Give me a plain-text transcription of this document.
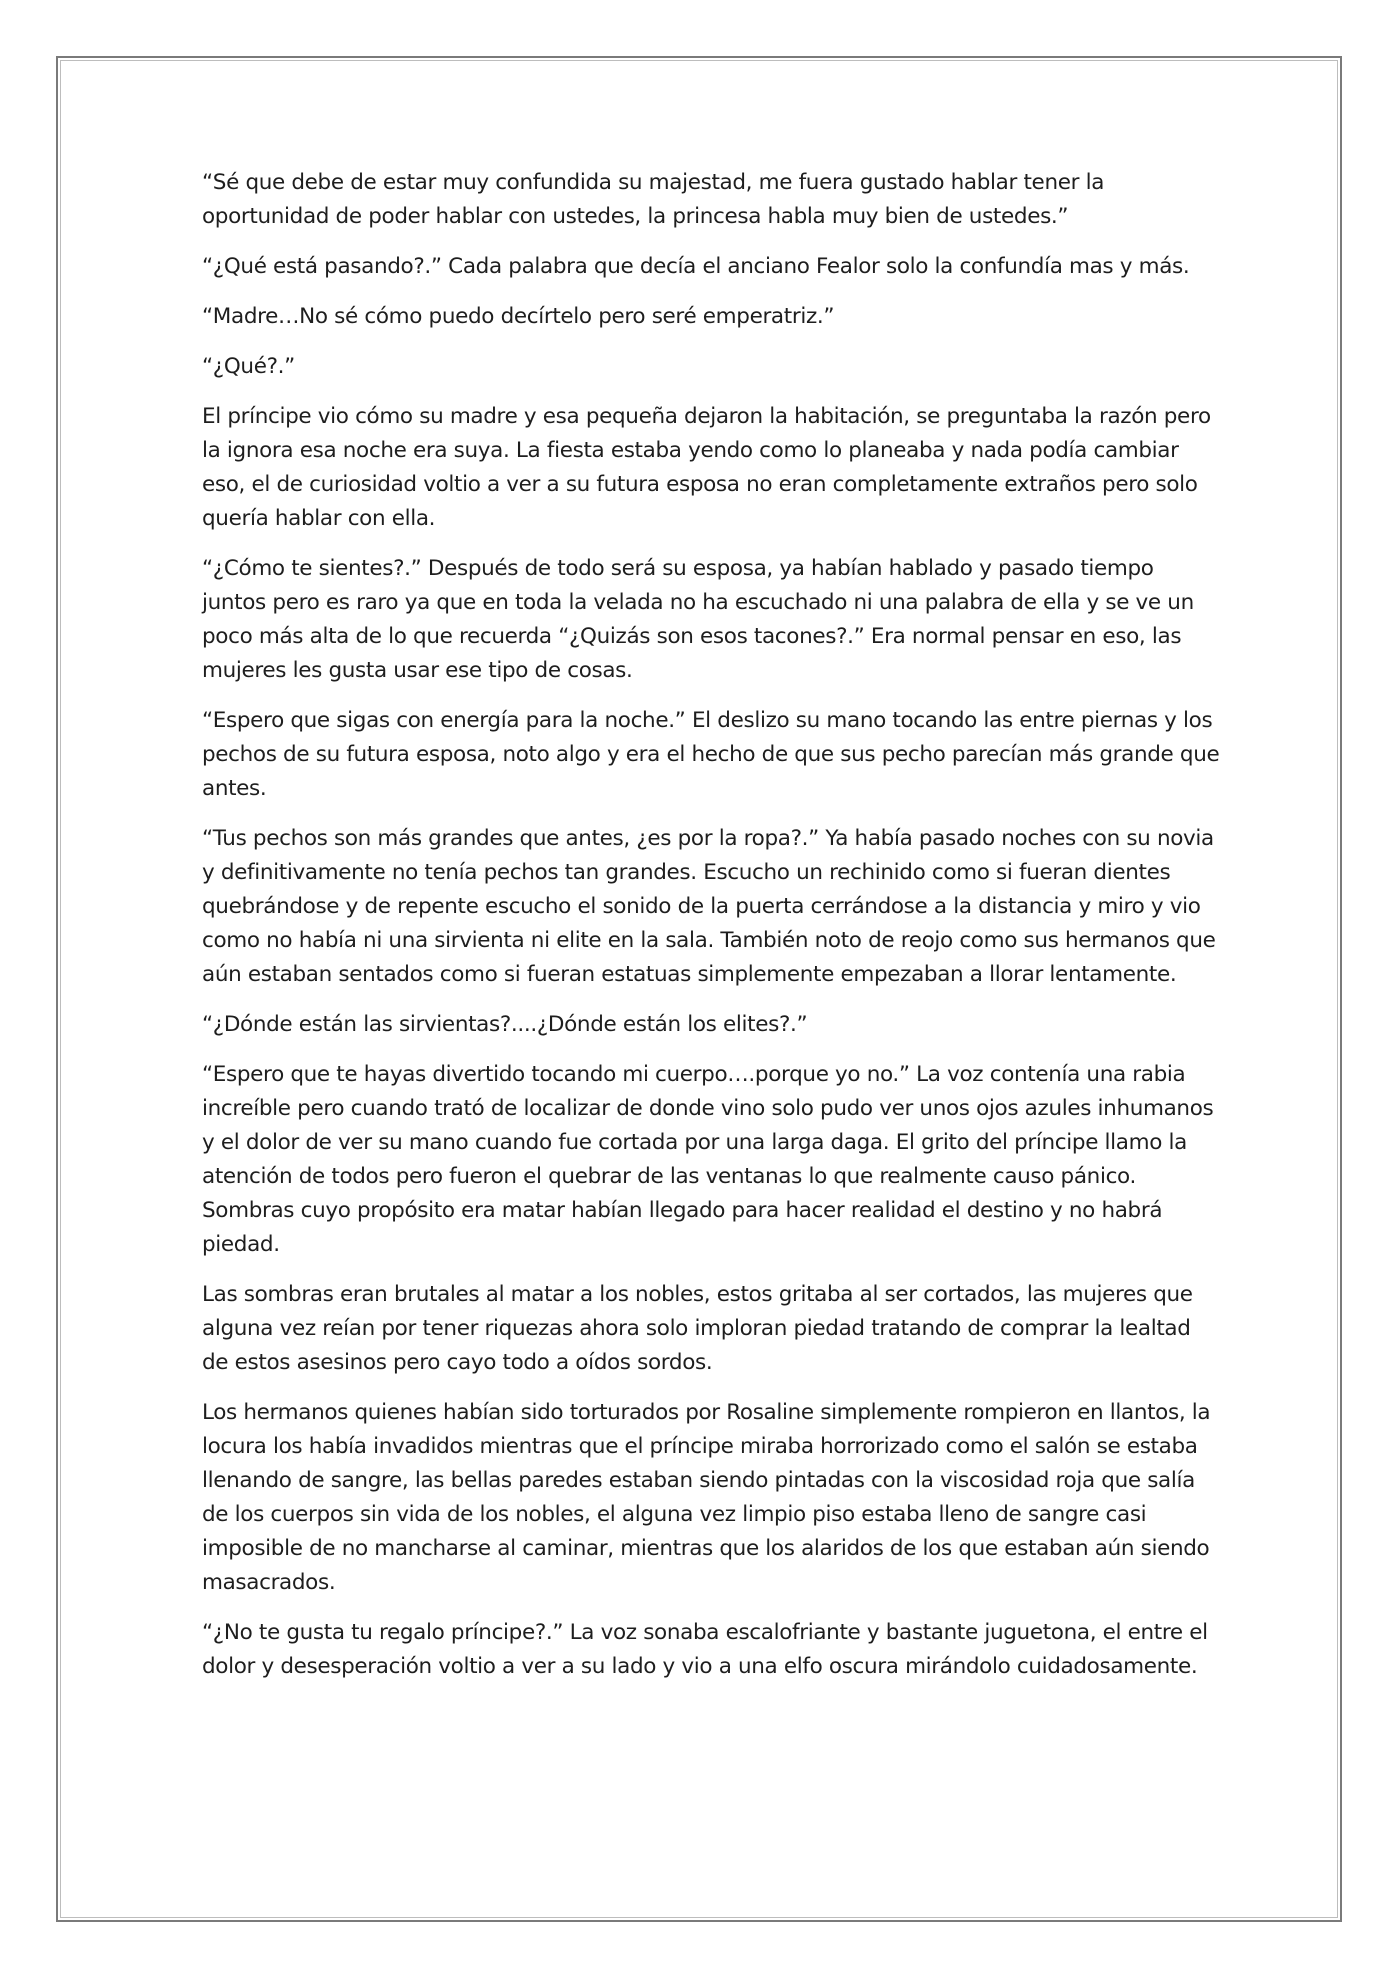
“Sé que debe de estar muy confundida su majestad, me fuera gustado hablar tener la oportunidad de poder hablar con ustedes, la princesa habla muy bien de ustedes.”

“¿Qué está pasando?.” Cada palabra que decía el anciano Fealor solo la confundía mas y más.

“Madre…No sé cómo puedo decírtelo pero seré emperatriz.”

“¿Qué?.”

El príncipe vio cómo su madre y esa pequeña dejaron la habitación, se preguntaba la razón pero la ignora esa noche era suya. La fiesta estaba yendo como lo planeaba y nada podía cambiar eso, el de curiosidad voltio a ver a su futura esposa no eran completamente extraños pero solo quería hablar con ella.

“¿Cómo te sientes?.” Después de todo será su esposa, ya habían hablado y pasado tiempo juntos pero es raro ya que en toda la velada no ha escuchado ni una palabra de ella y se ve un poco más alta de lo que recuerda “¿Quizás son esos tacones?.” Era normal pensar en eso, las mujeres les gusta usar ese tipo de cosas.

“Espero que sigas con energía para la noche.” El deslizo su mano tocando las entre piernas y los pechos de su futura esposa, noto algo y era el hecho de que sus pecho parecían más grande que antes.

“Tus pechos son más grandes que antes, ¿es por la ropa?.” Ya había pasado noches con su novia y definitivamente no tenía pechos tan grandes. Escucho un rechinido como si fueran dientes quebrándose y de repente escucho el sonido de la puerta cerrándose a la distancia y miro y vio como no había ni una sirvienta ni elite en la sala. También noto de reojo como sus hermanos que aún estaban sentados como si fueran estatuas simplemente empezaban a llorar lentamente.

“¿Dónde están las sirvientas?....¿Dónde están los elites?.”

“Espero que te hayas divertido tocando mi cuerpo….porque yo no.” La voz contenía una rabia increíble pero cuando trató de localizar de donde vino solo pudo ver unos ojos azules inhumanos y el dolor de ver su mano cuando fue cortada por una larga daga. El grito del príncipe llamo la atención de todos pero fueron el quebrar de las ventanas lo que realmente causo pánico. Sombras cuyo propósito era matar habían llegado para hacer realidad el destino y no habrá piedad.

Las sombras eran brutales al matar a los nobles, estos gritaba al ser cortados, las mujeres que alguna vez reían por tener riquezas ahora solo imploran piedad tratando de comprar la lealtad de estos asesinos pero cayo todo a oídos sordos.

Los hermanos quienes habían sido torturados por Rosaline simplemente rompieron en llantos, la locura los había invadidos mientras que el príncipe miraba horrorizado como el salón se estaba llenando de sangre, las bellas paredes estaban siendo pintadas con la viscosidad roja que salía de los cuerpos sin vida de los nobles, el alguna vez limpio piso estaba lleno de sangre casi imposible de no mancharse al caminar, mientras que los alaridos de los que estaban aún siendo masacrados.

“¿No te gusta tu regalo príncipe?.” La voz sonaba escalofriante y bastante juguetona, el entre el dolor y desesperación voltio a ver a su lado y vio a una elfo oscura mirándolo cuidadosamente.
